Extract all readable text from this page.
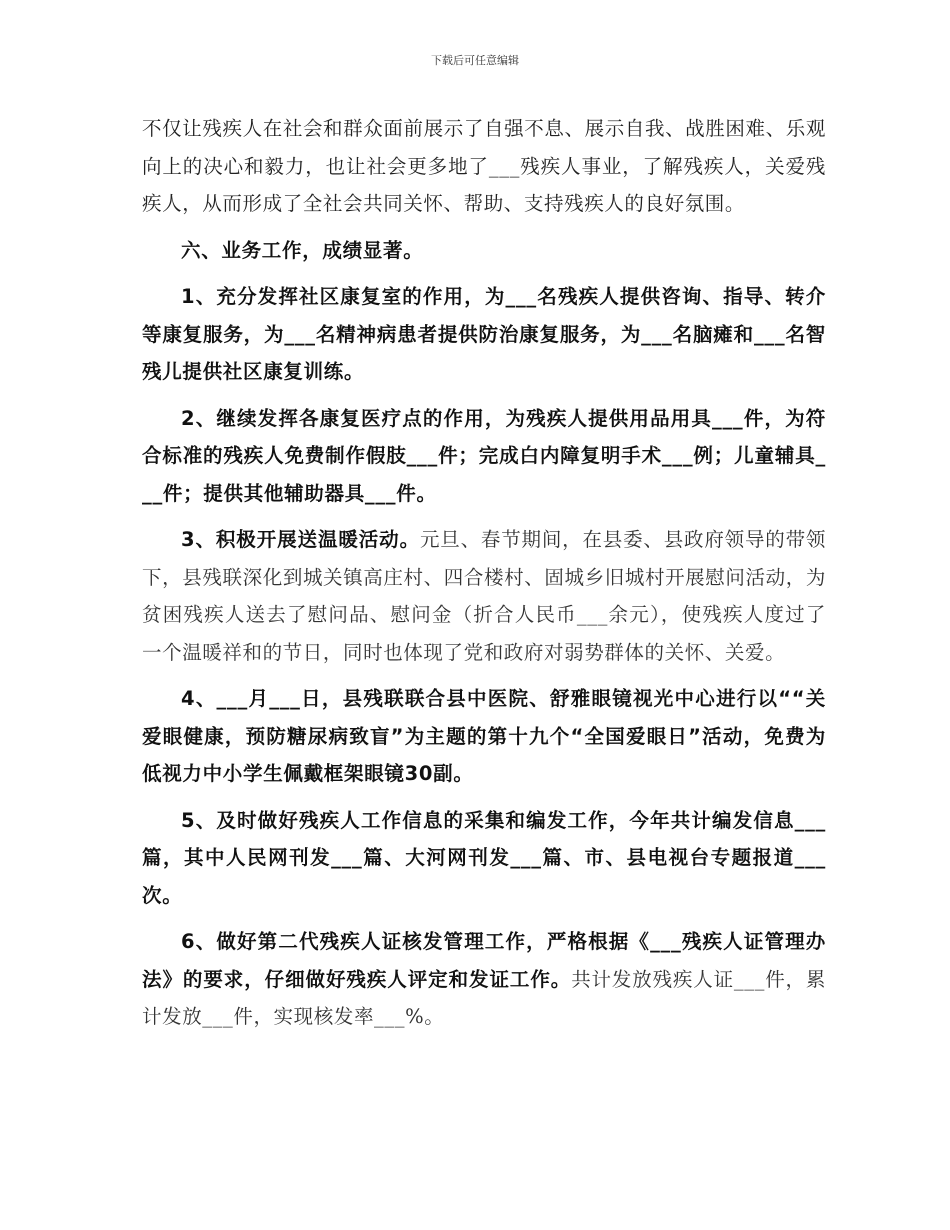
下载后可任意编辑

不仅让残疾人在社会和群众面前展示了自强不息、展示自我、战胜困难、乐观向上的决心和毅力，也让社会更多地了___残疾人事业，了解残疾人，关爱残疾人，从而形成了全社会共同关怀、帮助、支持残疾人的良好氛围。

六、业务工作，成绩显著。

1、充分发挥社区康复室的作用，为___名残疾人提供咨询、指导、转介等康复服务，为___名精神病患者提供防治康复服务，为___名脑瘫和___名智残儿提供社区康复训练。

2、继续发挥各康复医疗点的作用，为残疾人提供用品用具___件，为符合标准的残疾人免费制作假肢___件；完成白内障复明手术___例；儿童辅具___件；提供其他辅助器具___件。

3、积极开展送温暖活动。元旦、春节期间，在县委、县政府领导的带领下，县残联深化到城关镇高庄村、四合楼村、固城乡旧城村开展慰问活动，为贫困残疾人送去了慰问品、慰问金（折合人民币___余元），使残疾人度过了一个温暖祥和的节日，同时也体现了党和政府对弱势群体的关怀、关爱。

4、___月___日，县残联联合县中医院、舒雅眼镜视光中心进行以““关爱眼健康，预防糖尿病致盲”为主题的第十九个“全国爱眼日”活动，免费为低视力中小学生佩戴框架眼镜30副。

5、及时做好残疾人工作信息的采集和编发工作，今年共计编发信息___篇，其中人民网刊发___篇、大河网刊发___篇、市、县电视台专题报道___次。

6、做好第二代残疾人证核发管理工作，严格根据《___残疾人证管理办法》的要求，仔细做好残疾人评定和发证工作。共计发放残疾人证___件，累计发放___件，实现核发率___%。
